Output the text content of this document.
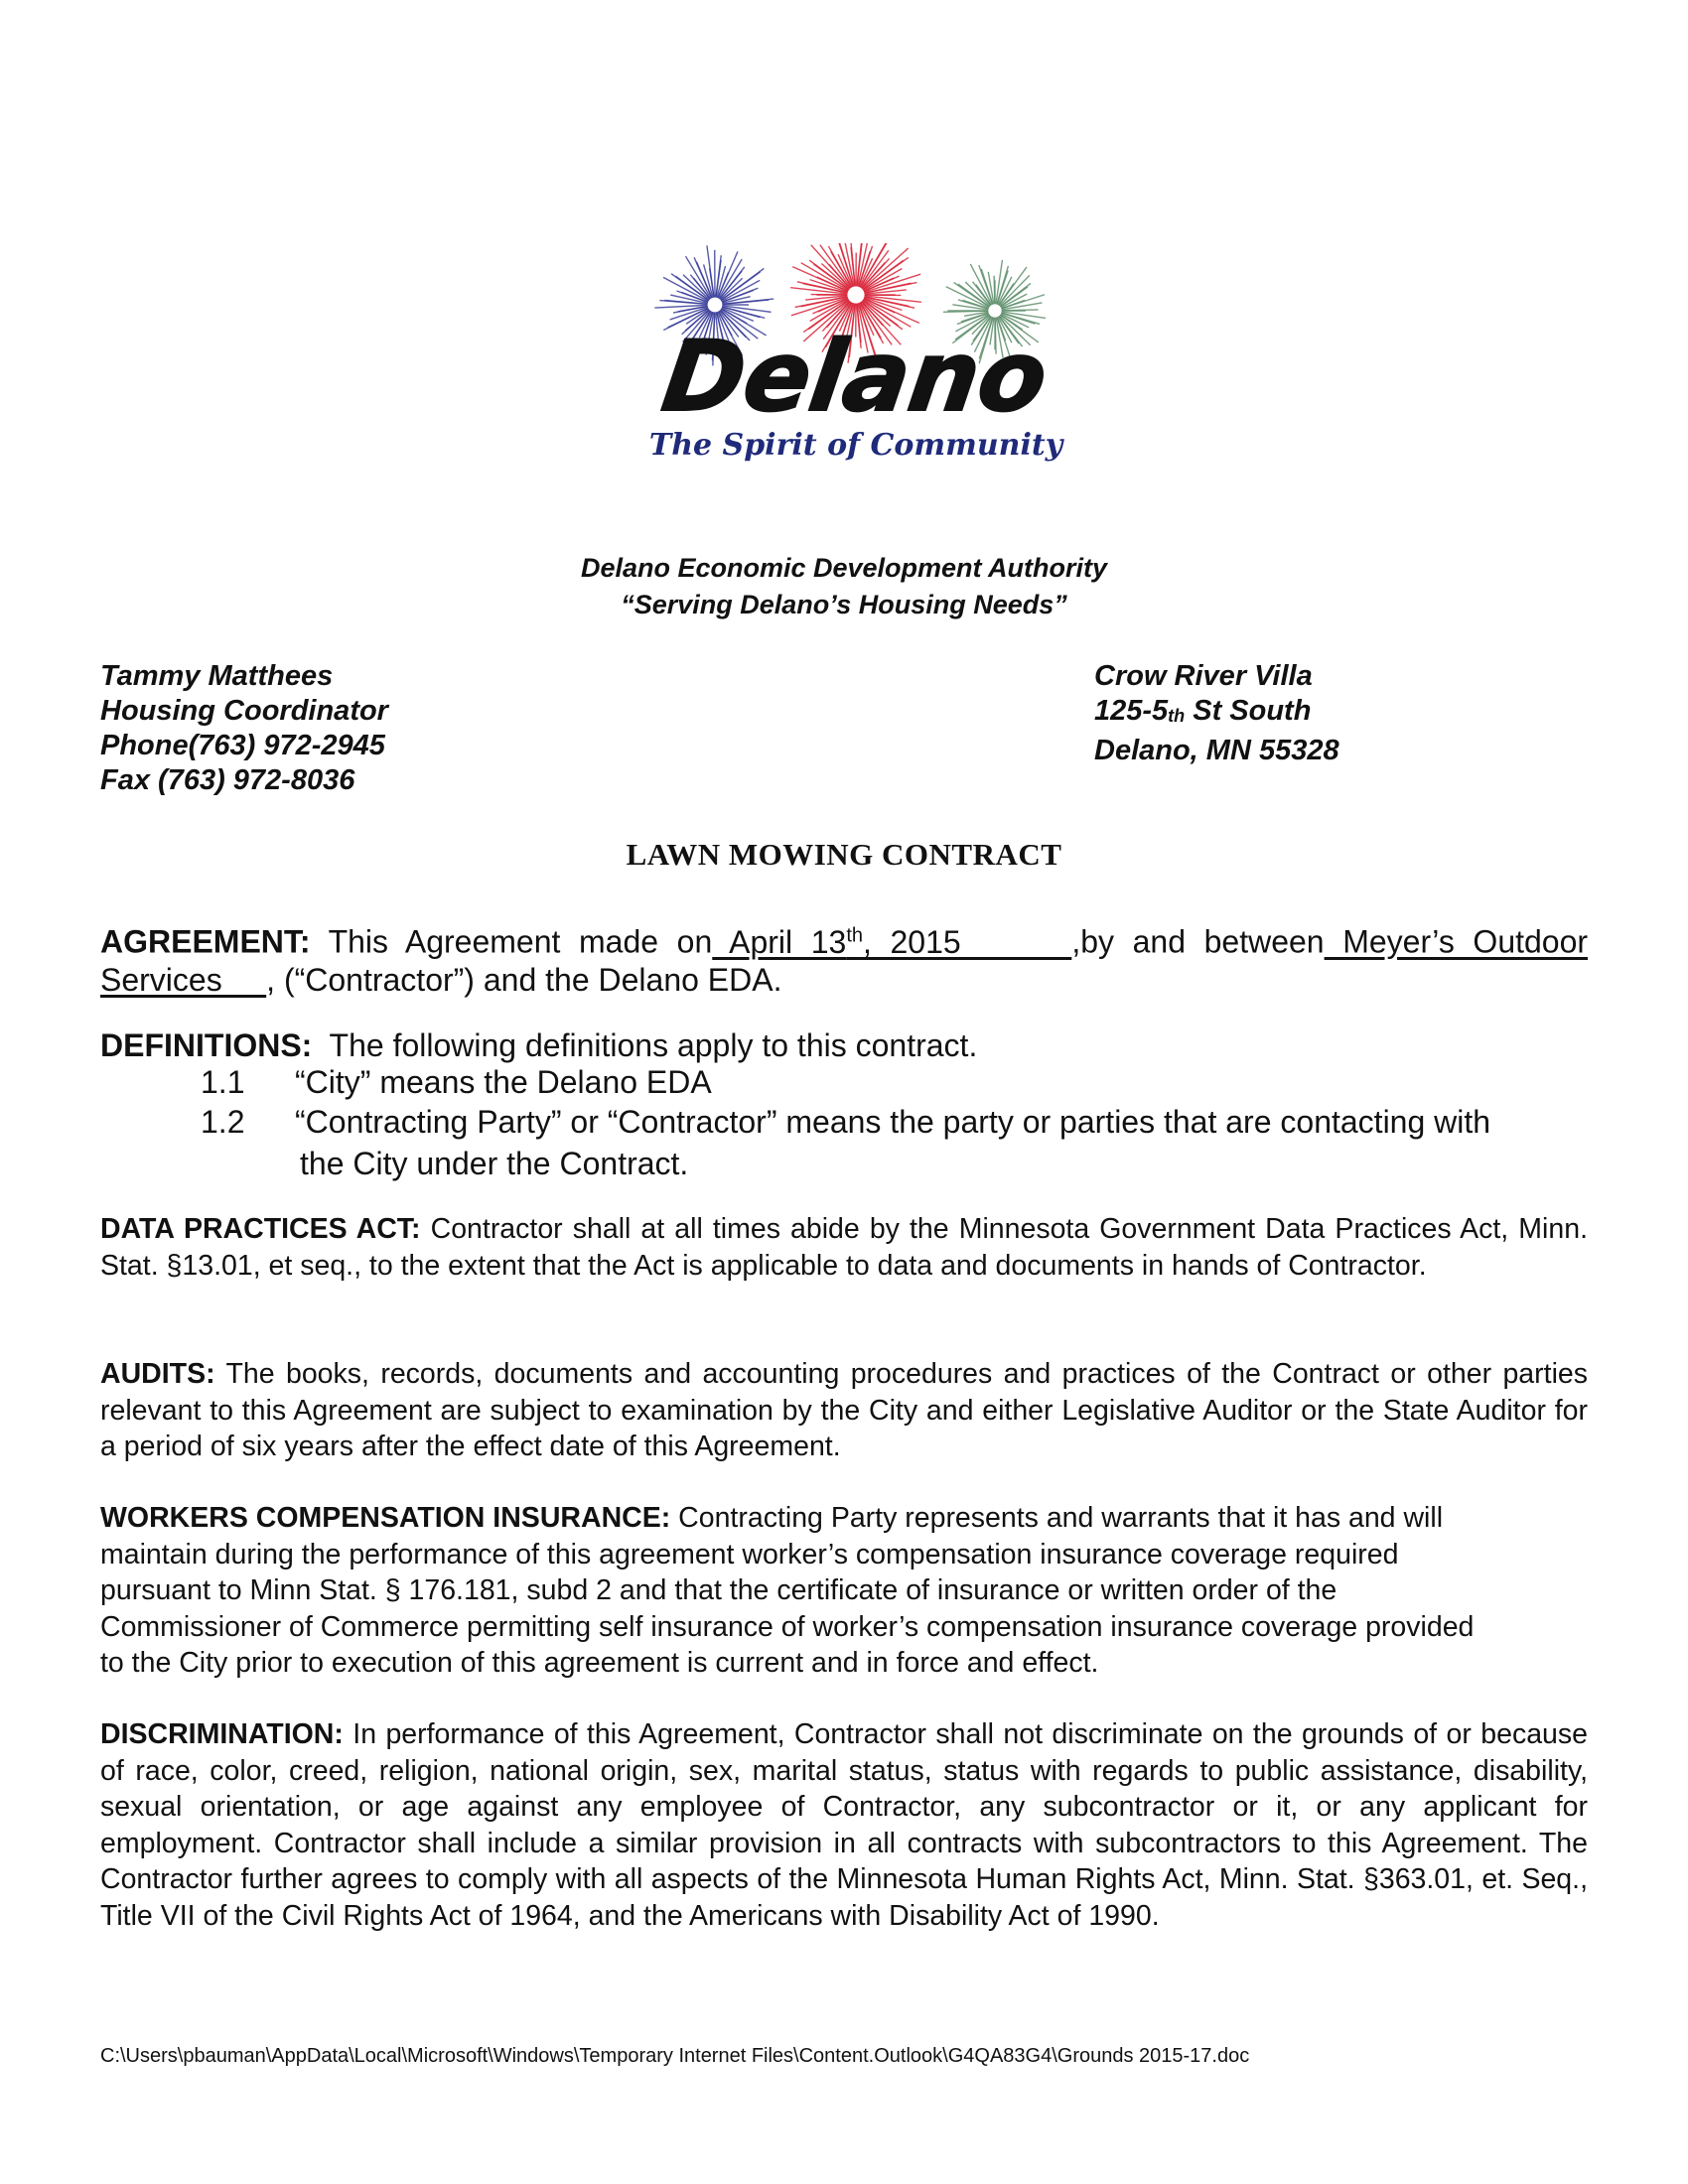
Delano
The Spirit of Community
Delano Economic Development Authority
“Serving Delano’s Housing Needs”
Tammy Matthees
Housing Coordinator
Phone(763) 972-2945
Fax (763) 972-8036
Crow River Villa
$125-5_{th}$ St South
Delano, MN 55328
LAWN MOWING CONTRACT
AGREEMENT: This Agreement made on April 13th, 2015      ,by and between Meyer’s Outdoor
Services     , (“Contractor”) and the Delano EDA.
DEFINITIONS:  The following definitions apply to this contract.
1.1 “City” means the Delano EDA
1.2 “Contracting Party” or “Contractor” means the party or parties that are contacting with
the City under the Contract.
DATA PRACTICES ACT: Contractor shall at all times abide by the Minnesota Government Data Practices Act, Minn. Stat. §13.01, et seq., to the extent that the Act is applicable to data and documents in hands of Contractor.
AUDITS: The books, records, documents and accounting procedures and practices of the Contract or other parties relevant to this Agreement are subject to examination by the City and either Legislative Auditor or the State Auditor for a period of six years after the effect date of this Agreement.
WORKERS COMPENSATION INSURANCE: Contracting Party represents and warrants that it has and will
maintain during the performance of this agreement worker’s compensation insurance coverage required
pursuant to Minn Stat. § 176.181, subd 2 and that the certificate of insurance or written order of the
Commissioner of Commerce permitting self insurance of worker’s compensation insurance coverage provided
to the City prior to execution of this agreement is current and in force and effect.
DISCRIMINATION: In performance of this Agreement, Contractor shall not discriminate on the grounds of or because of race, color, creed, religion, national origin, sex, marital status, status with regards to public assistance, disability, sexual orientation, or age against any employee of Contractor, any subcontractor or it, or any applicant for employment. Contractor shall include a similar provision in all contracts with subcontractors to this Agreement. The Contractor further agrees to comply with all aspects of the Minnesota Human Rights Act, Minn. Stat. §363.01, et. Seq., Title VII of the Civil Rights Act of 1964, and the Americans with Disability Act of 1990.
C:\Users\pbauman\AppData\Local\Microsoft\Windows\Temporary Internet Files\Content.Outlook\G4QA83G4\Grounds 2015-17.doc
